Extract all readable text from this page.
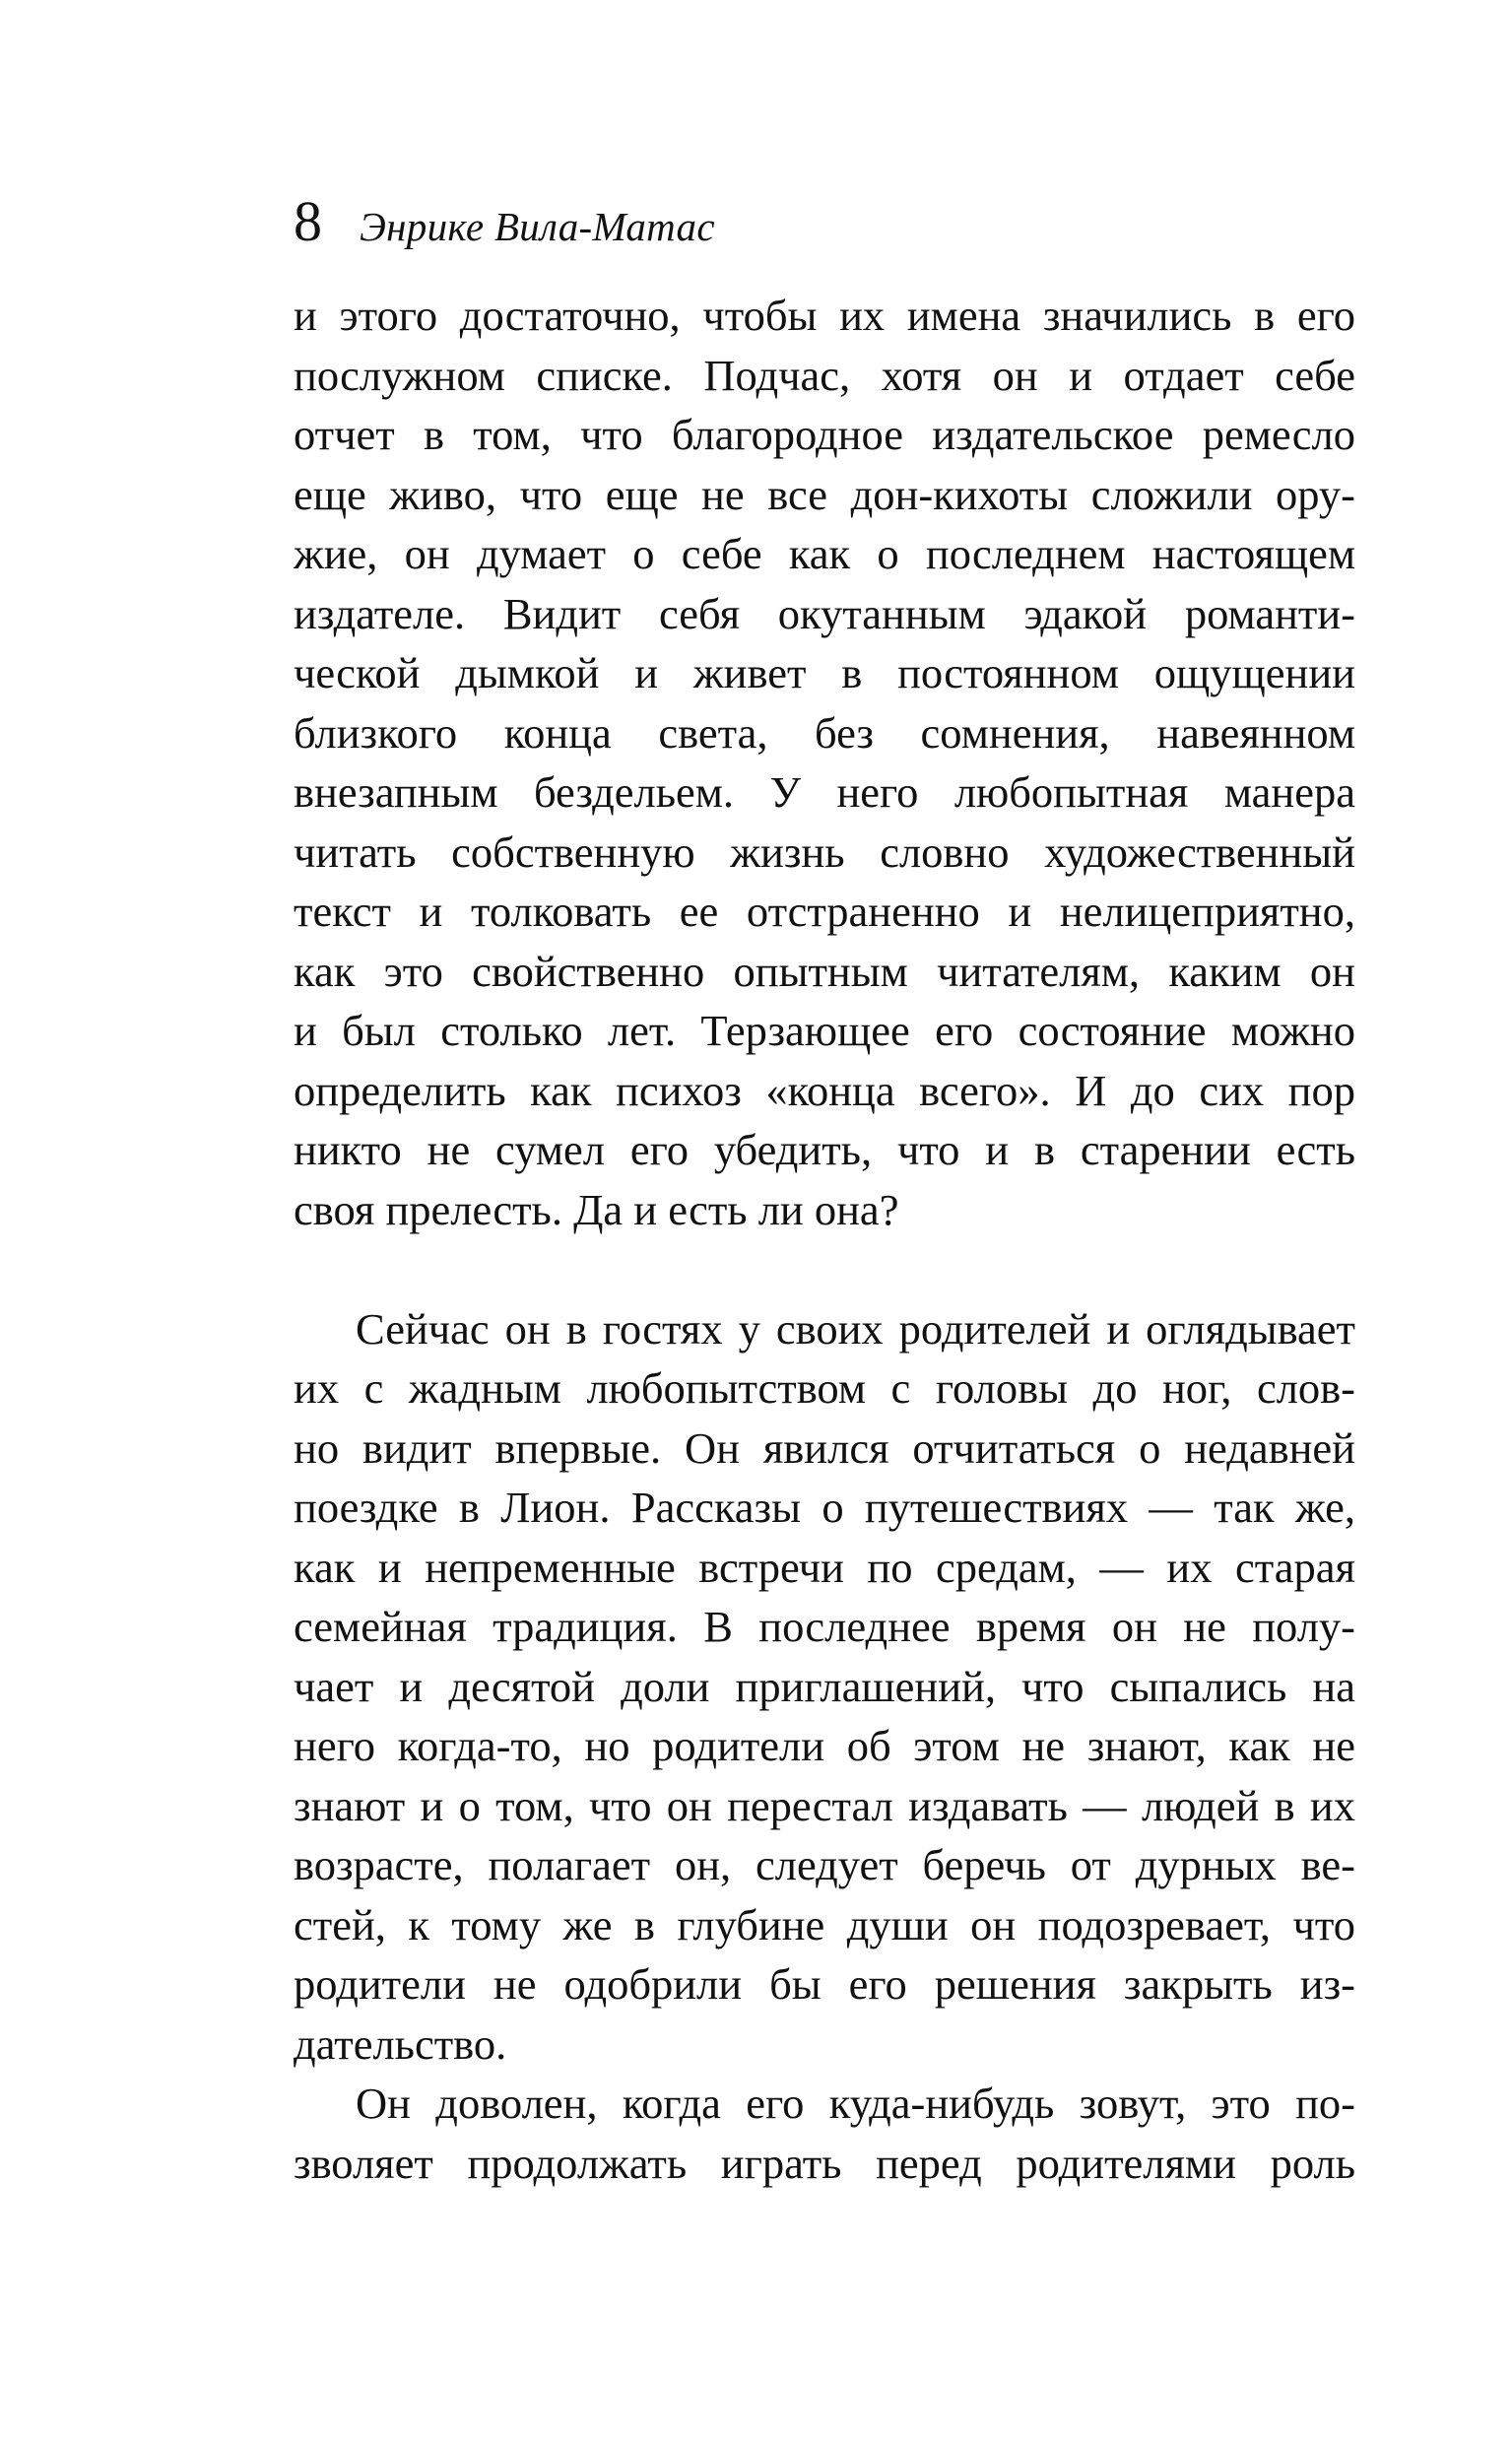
8 Энрике Вила-Матас
и этого достаточно, чтобы их имена значились в его
послужном списке. Подчас, хотя он и отдает себе
отчет в том, что благородное издательское ремесло
еще живо, что еще не все дон-кихоты сложили ору-
жие, он думает о себе как о последнем настоящем
издателе. Видит себя окутанным эдакой романти-
ческой дымкой и живет в постоянном ощущении
близкого конца света, без сомнения, навеянном
внезапным бездельем. У него любопытная манера
читать собственную жизнь словно художественный
текст и толковать ее отстраненно и нелицеприятно,
как это свойственно опытным читателям, каким он
и был столько лет. Терзающее его состояние можно
определить как психоз «конца всего». И до сих пор
никто не сумел его убедить, что и в старении есть
своя прелесть. Да и есть ли она?
Сейчас он в гостях у своих родителей и оглядывает
их с жадным любопытством с головы до ног, слов-
но видит впервые. Он явился отчитаться о недавней
поездке в Лион. Рассказы о путешествиях — так же,
как и непременные встречи по средам, — их старая
семейная традиция. В последнее время он не полу-
чает и десятой доли приглашений, что сыпались на
него когда-то, но родители об этом не знают, как не
знают и о том, что он перестал издавать — людей в их
возрасте, полагает он, следует беречь от дурных ве-
стей, к тому же в глубине души он подозревает, что
родители не одобрили бы его решения закрыть из-
дательство.
Он доволен, когда его куда-нибудь зовут, это по-
зволяет продолжать играть перед родителями роль
